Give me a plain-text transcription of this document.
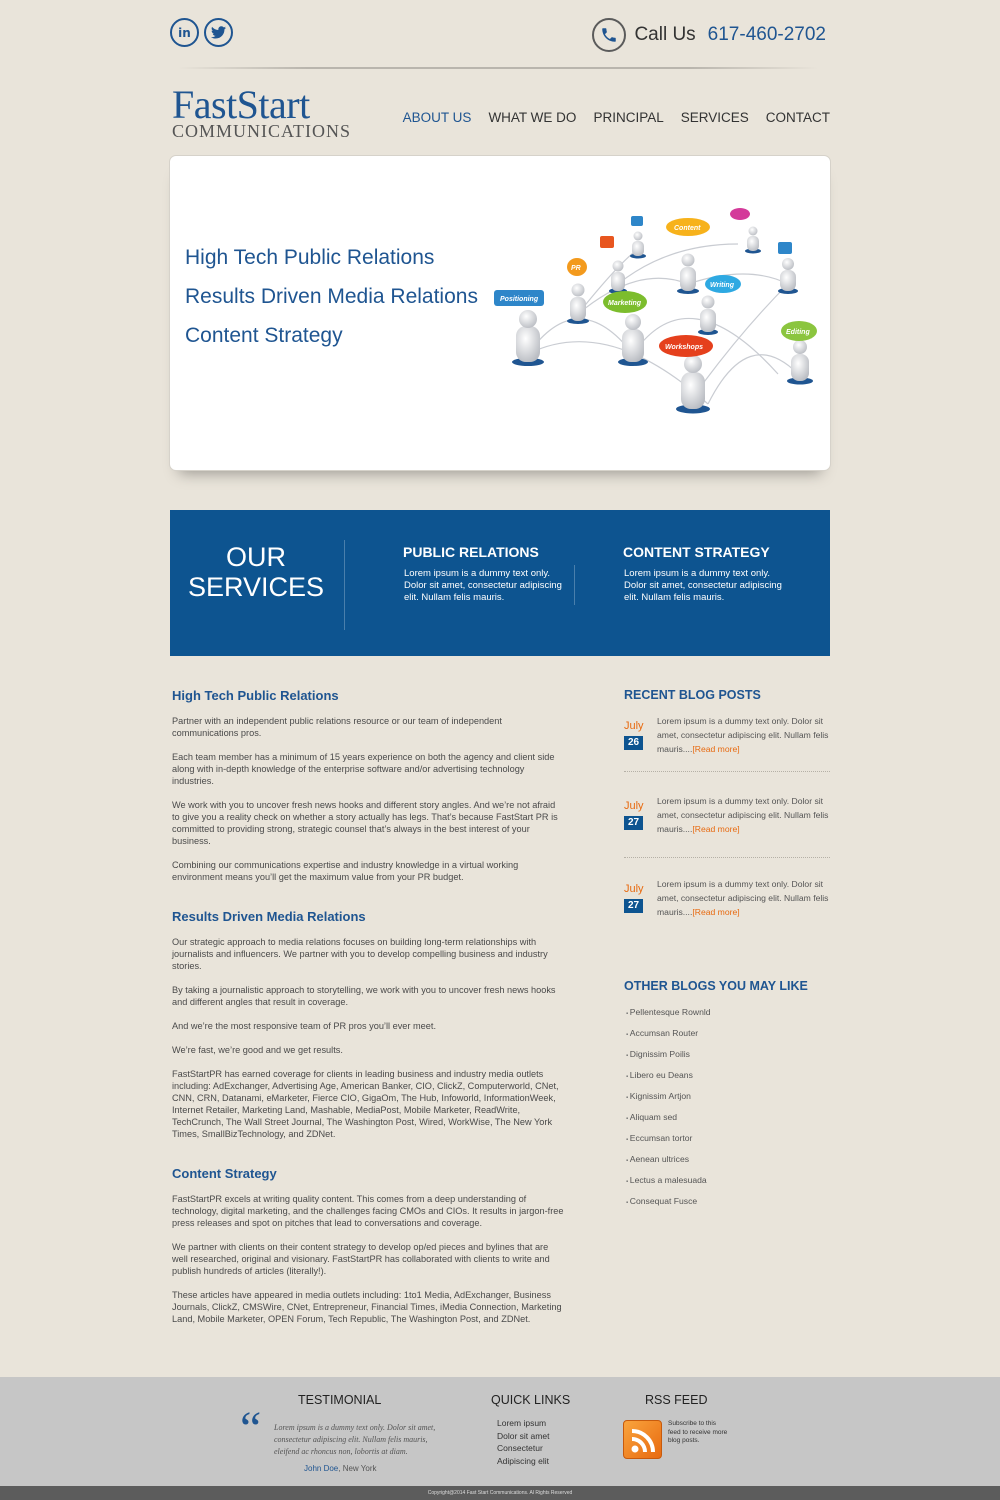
in	Call Us 617-460-2702
FastStart
COMMUNICATIONS
ABOUT US WHAT WE DO PRINCIPAL SERVICES CONTACT
High Tech Public Relations
Results Driven Media Relations
Content Strategy
Positioning
PR
Marketing
Content
Writing
Workshops
Editing
OUR
SERVICES
PUBLIC RELATIONS

Lorem ipsum is a dummy text only. Dolor sit amet, consectetur adipiscing elit. Nullam felis mauris.

CONTENT STRATEGY

Lorem ipsum is a dummy text only. Dolor sit amet, consectetur adipiscing elit. Nullam felis mauris.

High Tech Public Relations

Partner with an independent public relations resource or our team of independent communications pros.

Each team member has a minimum of 15 years experience on both the agency and client side along with in-depth knowledge of the enterprise software and/or advertising technology industries.

We work with you to uncover fresh news hooks and different story angles. And we’re not afraid to give you a reality check on whether a story actually has legs. That’s because FastStart PR is committed to providing strong, strategic counsel that’s always in the best interest of your business.

Combining our communications expertise and industry knowledge in a virtual working environment means you’ll get the maximum value from your PR budget.

Results Driven Media Relations

Our strategic approach to media relations focuses on building long-term relationships with journalists and influencers. We partner with you to develop compelling business and industry stories.

By taking a journalistic approach to storytelling, we work with you to uncover fresh news hooks and different angles that result in coverage.

And we’re the most responsive team of PR pros you’ll ever meet.

We’re fast, we’re good and we get results.

FastStartPR has earned coverage for clients in leading business and industry media outlets including: AdExchanger, Advertising Age, American Banker, CIO, ClickZ, Computerworld, CNet, CNN, CRN, Datanami, eMarketer, Fierce CIO, GigaOm, The Hub, Infoworld, InformationWeek, Internet Retailer, Marketing Land, Mashable, MediaPost, Mobile Marketer, ReadWrite, TechCrunch, The Wall Street Journal, The Washington Post, Wired, WorkWise, The New York Times, SmallBizTechnology, and ZDNet.

Content Strategy

FastStartPR excels at writing quality content. This comes from a deep understanding of technology, digital marketing, and the challenges facing CMOs and CIOs. It results in jargon-free press releases and spot on pitches that lead to conversations and coverage.

We partner with clients on their content strategy to develop op/ed pieces and bylines that are well researched, original and visionary. FastStartPR has collaborated with clients to write and publish hundreds of articles (literally!).

These articles have appeared in media outlets including: 1to1 Media, AdExchanger, Business Journals, ClickZ, CMSWire, CNet, Entrepreneur, Financial Times, iMedia Connection, Marketing Land, Mobile Marketer, OPEN Forum, Tech Republic, The Washington Post, and ZDNet.

RECENT BLOG POSTS
July
26
Lorem ipsum is a dummy text only. Dolor sit amet, consectetur adipiscing elit. Nullam felis mauris....[Read more]
July
27
Lorem ipsum is a dummy text only. Dolor sit amet, consectetur adipiscing elit. Nullam felis mauris....[Read more]
July
27
Lorem ipsum is a dummy text only. Dolor sit amet, consectetur adipiscing elit. Nullam felis mauris....[Read more]
OTHER BLOGS YOU MAY LIKE
▪ Pellentesque Rownld
▪ Accumsan Router
▪ Dignissim Poilis
▪ Libero eu Deans
▪ Kignissim Artjon
▪ Aliquam sed
▪ Eccumsan tortor
▪ Aenean ultrices
▪ Lectus a malesuada
▪ Consequat Fusce
TESTIMONIAL
“ Lorem ipsum is a dummy text only. Dolor sit amet, consectetur adipiscing elit. Nullam felis mauris, eleifend ac rhoncus non, lobortis at diam.
John Doe, New York
QUICK LINKS
Lorem ipsum
Dolor sit amet
Consectetur
Adipiscing elit
RSS FEED
Subscribe to this feed to receive more blog posts.
Copyright@2014 Fast Start Communications. Al Rights Reserved
